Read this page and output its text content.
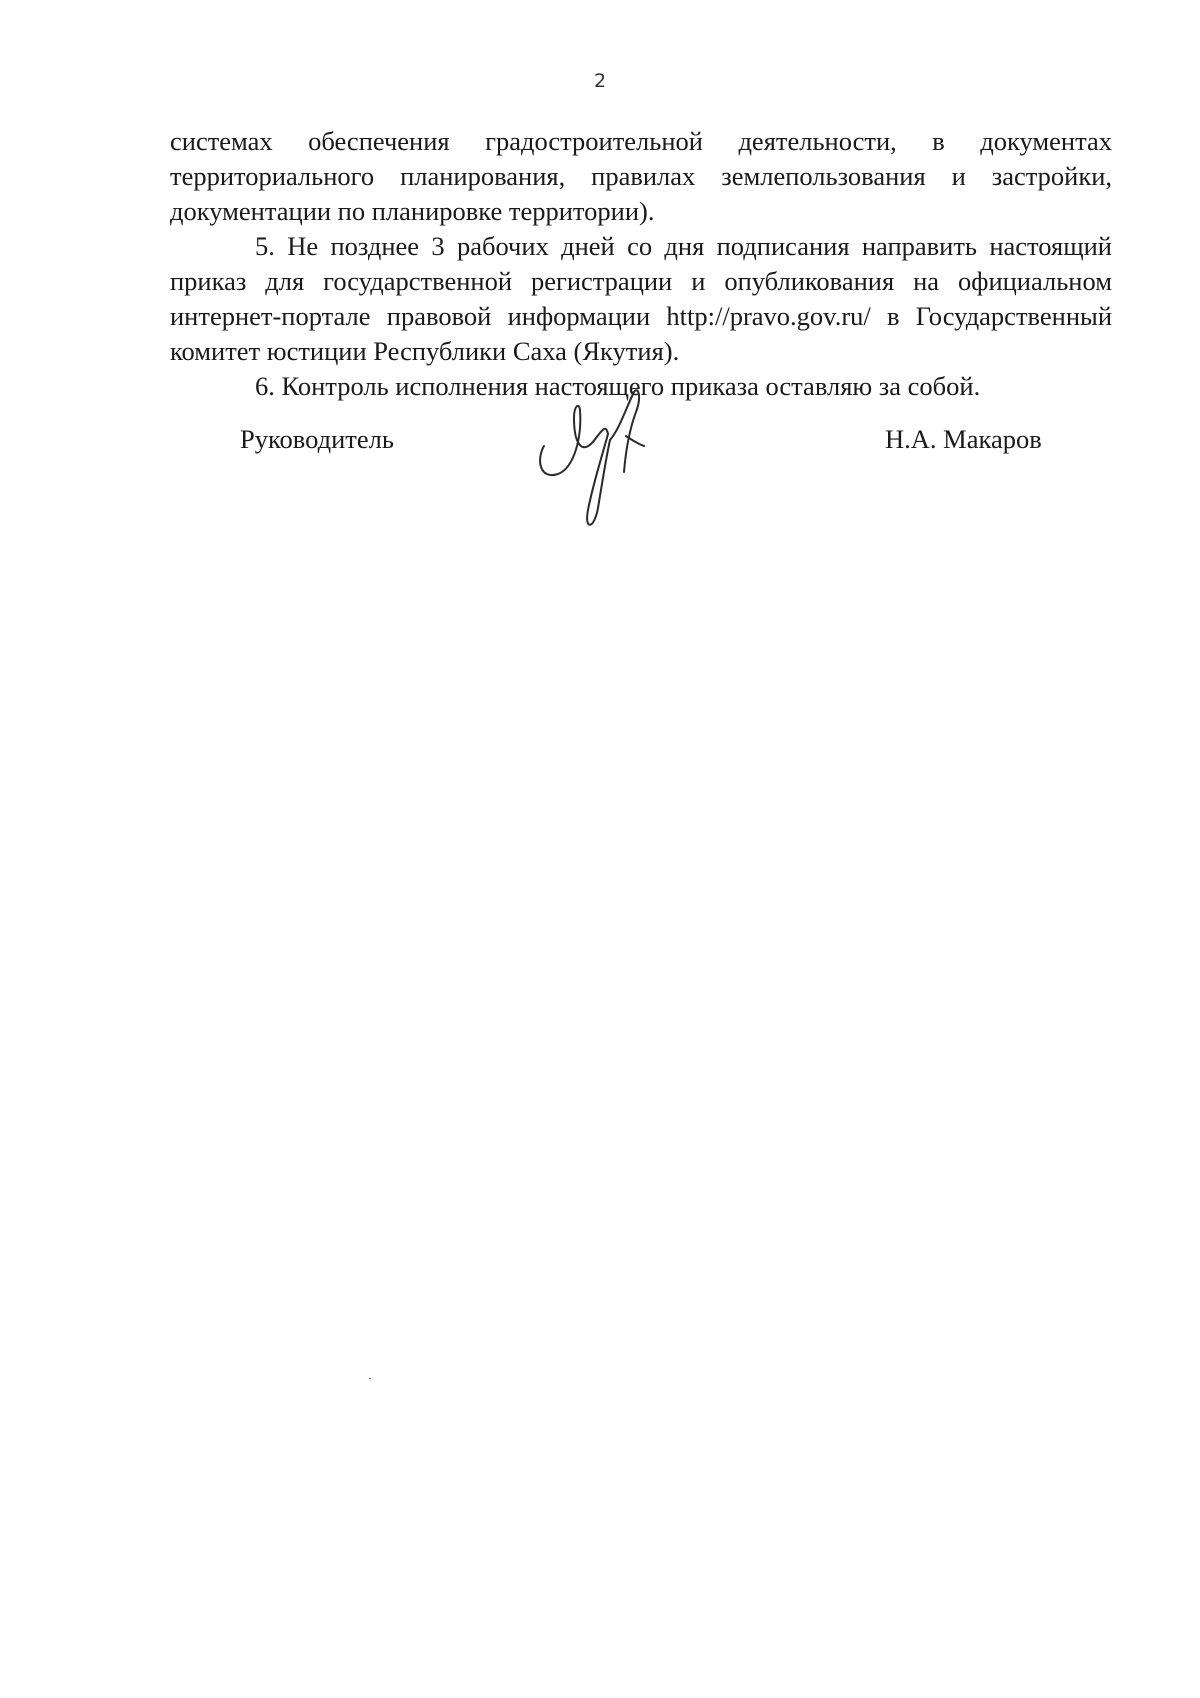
2

системах обеспечения градостроительной деятельности, в документах территориального планирования, правилах землепользования и застройки, документации по планировке территории).

5. Не позднее 3 рабочих дней со дня подписания направить настоящий приказ для государственной регистрации и опубликования на официальном интернет-портале правовой информации http://pravo.gov.ru/ в Государственный комитет юстиции Республики Саха (Якутия).

6. Контроль исполнения настоящего приказа оставляю за собой.

Руководитель	Н.А. Макаров
